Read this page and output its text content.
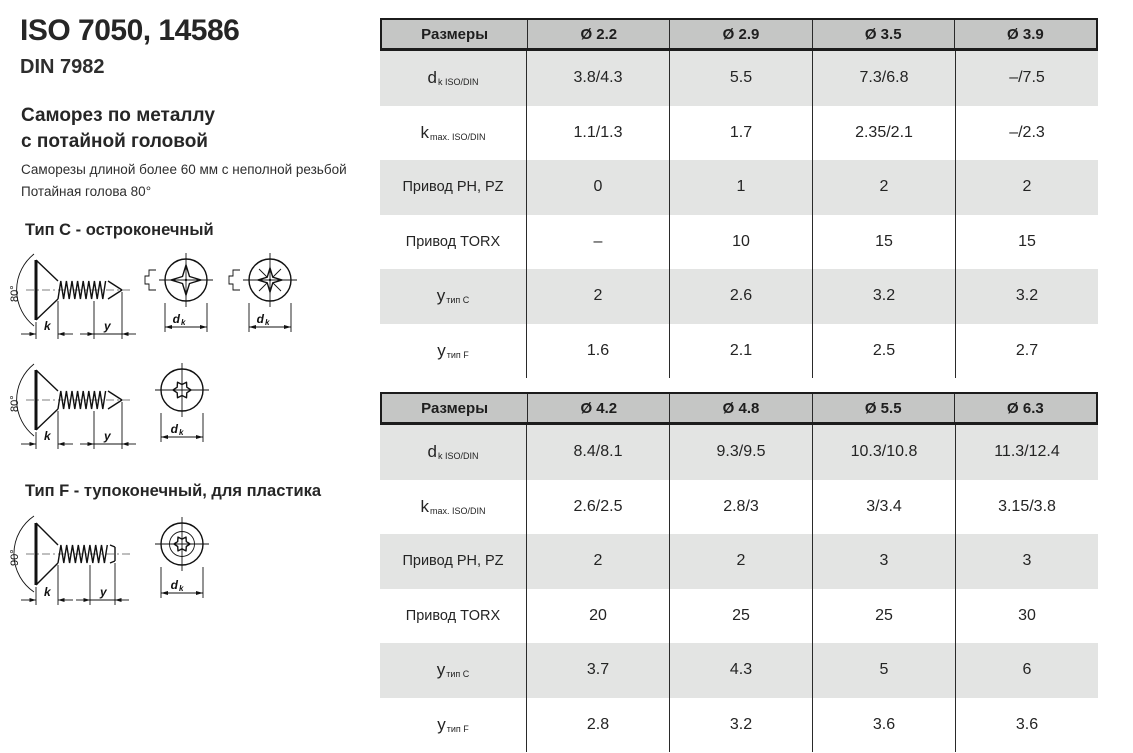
ISO 7050, 14586
DIN 7982
Саморез по металлу
с потайной головой
Саморезы длиной более 60 мм с неполной резьбой
Потайная голова 80°
Тип C - остроконечный
Тип F - тупоконечный, для пластика
80°
k	y	d k	d k
80°
k	y	d k
90°
k	y	d k
Размеры	Ø 2.2	Ø 2.9	Ø 3.5	Ø 3.9
d k ISO/DIN	3.8/4.3	5.5	7.3/6.8	–/7.5
k max. ISO/DIN	1.1/1.3	1.7	2.35/2.1	–/2.3
Привод PH, PZ	0	1	2	2
Привод TORX	–	10	15	15
y тип C	2	2.6	3.2	3.2
y тип F	1.6	2.1	2.5	2.7
Размеры	Ø 4.2	Ø 4.8	Ø 5.5	Ø 6.3
d k ISO/DIN	8.4/8.1	9.3/9.5	10.3/10.8	11.3/12.4
k max. ISO/DIN	2.6/2.5	2.8/3	3/3.4	3.15/3.8
Привод PH, PZ	2	2	3	3
Привод TORX	20	25	25	30
y тип C	3.7	4.3	5	6
y тип F	2.8	3.2	3.6	3.6
